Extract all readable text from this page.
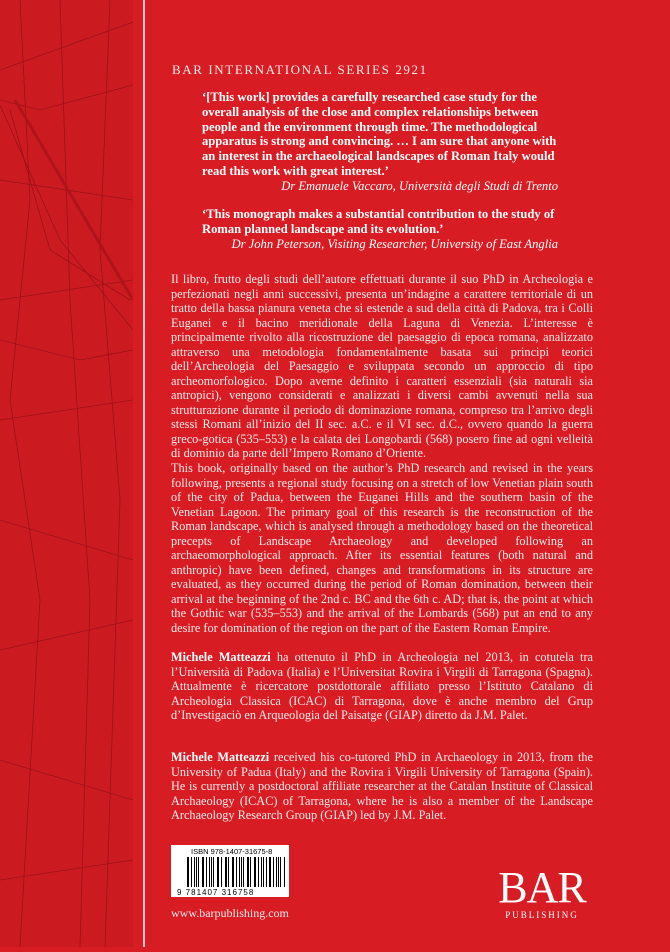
BAR INTERNATIONAL SERIES 2921
‘[This work] provides a carefully researched case study for the overall analysis of the close and complex relationships between people and the environment through time. The methodological apparatus is strong and convincing. … I am sure that anyone with an interest in the archaeological landscapes of Roman Italy would read this work with great interest.’
Dr Emanuele Vaccaro, Università degli Studi di Trento
‘This monograph makes a substantial contribution to the study of Roman planned landscape and its evolution.’
Dr John Peterson, Visiting Researcher, University of East Anglia
Il libro, frutto degli studi dell’autore effettuati durante il suo PhD in Archeologia e perfezionati negli anni successivi, presenta un’indagine a carattere territoriale di un tratto della bassa pianura veneta che si estende a sud della città di Padova, tra i Colli Euganei e il bacino meridionale della Laguna di Venezia. L’interesse è principalmente rivolto alla ricostruzione del paesaggio di epoca romana, analizzato attraverso una metodologia fondamentalmente basata sui principi teorici dell’Archeologia del Paesaggio e sviluppata secondo un approccio di tipo archeomorfologico. Dopo averne definito i caratteri essenziali (sia naturali sia antropici), vengono considerati e analizzati i diversi cambi avvenuti nella sua strutturazione durante il periodo di dominazione romana, compreso tra l’arrivo degli stessi Romani all’inizio del II sec. a.C. e il VI sec. d.C., ovvero quando la guerra greco-gotica (535–553) e la calata dei Longobardi (568) posero fine ad ogni velleità di dominio da parte dell’Impero Romano d’Oriente.
This book, originally based on the author’s PhD research and revised in the years following, presents a regional study focusing on a stretch of low Venetian plain south of the city of Padua, between the Euganei Hills and the southern basin of the Venetian Lagoon. The primary goal of this research is the reconstruction of the Roman landscape, which is analysed through a methodology based on the theoretical precepts of Landscape Archaeology and developed following an archaeomorphological approach. After its essential features (both natural and anthropic) have been defined, changes and transformations in its structure are evaluated, as they occurred during the period of Roman domination, between their arrival at the beginning of the 2nd c. BC and the 6th c. AD; that is, the point at which the Gothic war (535–553) and the arrival of the Lombards (568) put an end to any desire for domination of the region on the part of the Eastern Roman Empire.
Michele Matteazzi ha ottenuto il PhD in Archeologia nel 2013, in cotutela tra l’Università di Padova (Italia) e l’Universitat Rovira i Virgili di Tarragona (Spagna). Attualmente è ricercatore postdottorale affiliato presso l’Istituto Catalano di Archeologia Classica (ICAC) di Tarragona, dove è anche membro del Grup d’Investigaciò en Arqueologia del Paisatge (GIAP) diretto da J.M. Palet.
Michele Matteazzi received his co-tutored PhD in Archaeology in 2013, from the University of Padua (Italy) and the Rovira i Virgili University of Tarragona (Spain). He is currently a postdoctoral affiliate researcher at the Catalan Institute of Classical Archaeology (ICAC) of Tarragona, where he is also a member of the Landscape Archaeology Research Group (GIAP) led by J.M. Palet.
ISBN 978-1407-31675-8
9 781407 316758
www.barpublishing.com
BAR
PUBLISHING
